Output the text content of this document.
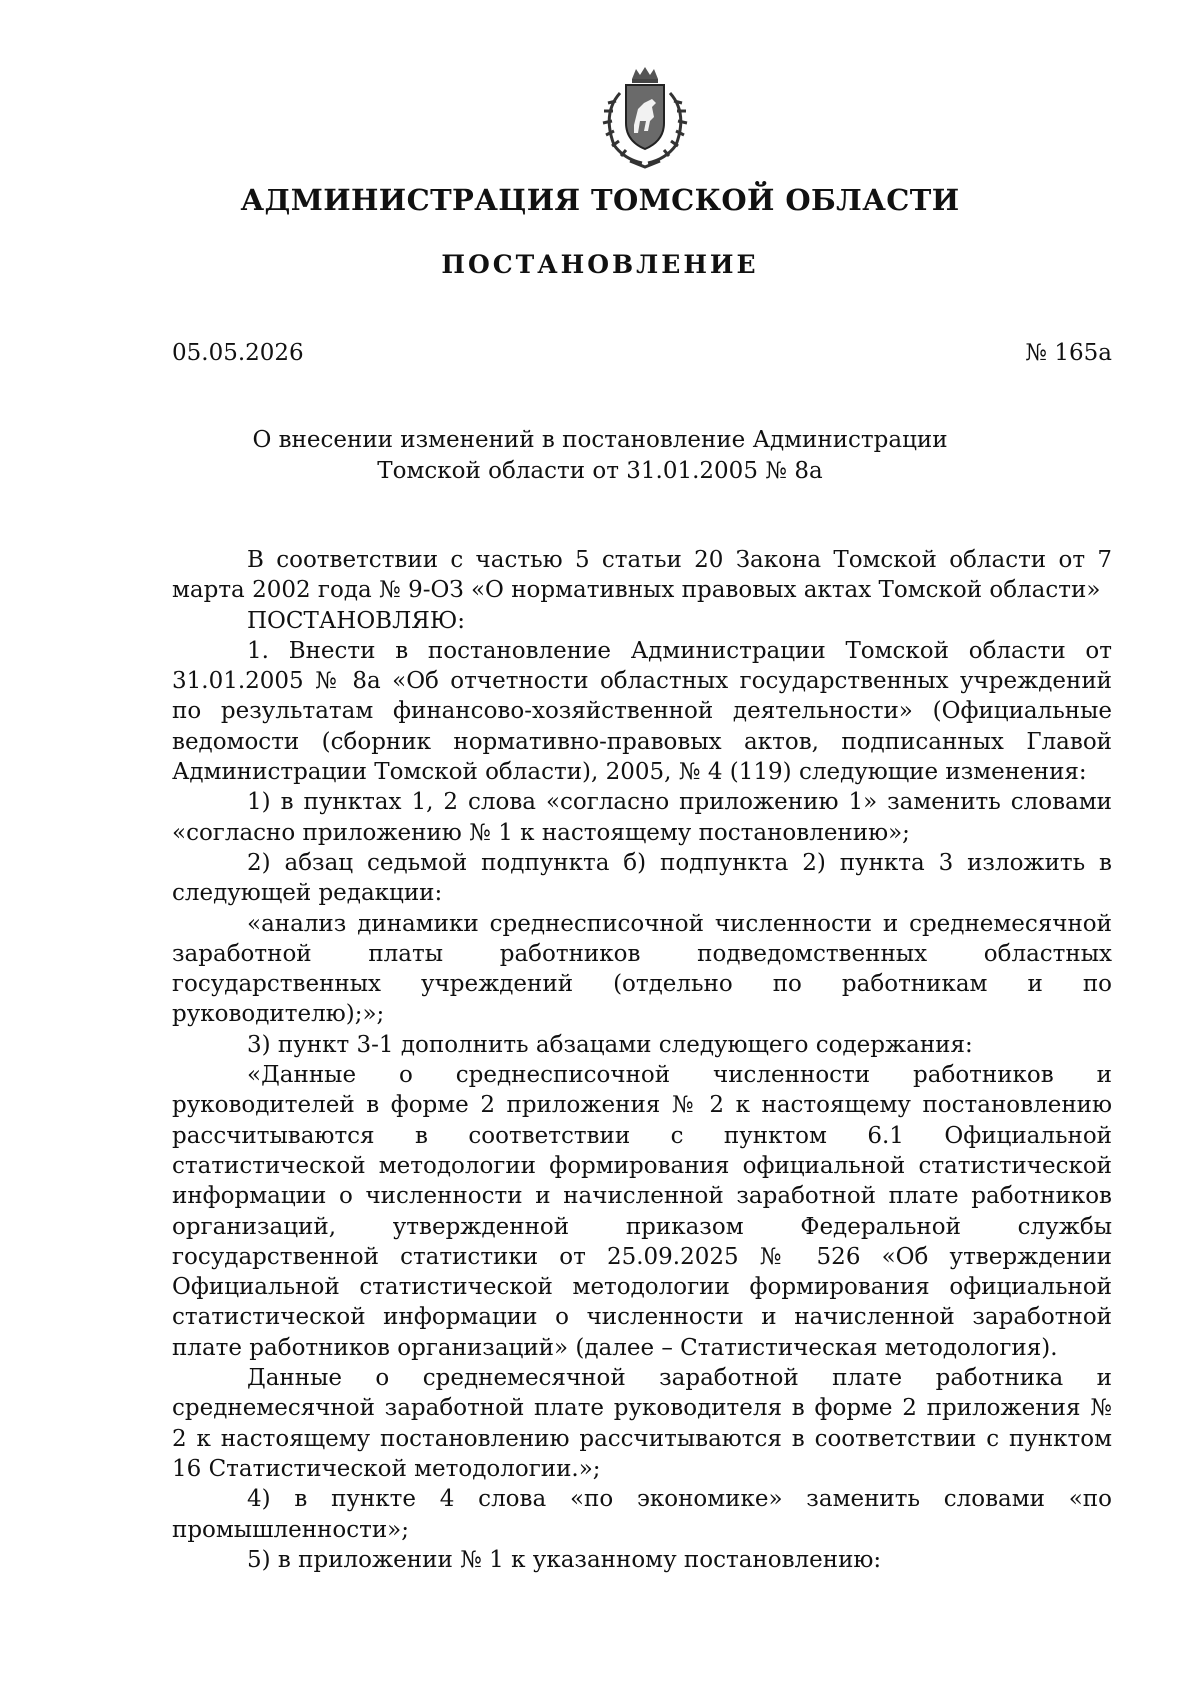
АДМИНИСТРАЦИЯ ТОМСКОЙ ОБЛАСТИ
ПОСТАНОВЛЕНИЕ
05.05.2026	№ 165а
О внесении изменений в постановление Администрации
Томской области от 31.01.2005 № 8а

В соответствии с частью 5 статьи 20 Закона Томской области от 7 марта 2002 года № 9-ОЗ «О нормативных правовых актах Томской области»

ПОСТАНОВЛЯЮ:

1. Внести в постановление Администрации Томской области от 31.01.2005 № 8а «Об отчетности областных государственных учреждений по результатам финансово-хозяйственной деятельности» (Официальные ведомости (сборник нормативно-правовых актов, подписанных Главой Администрации Томской области), 2005, № 4 (119) следующие изменения:

1) в пунктах 1, 2 слова «согласно приложению 1» заменить словами «согласно приложению № 1 к настоящему постановлению»;

2) абзац седьмой подпункта б) подпункта 2) пункта 3 изложить в следующей редакции:

«анализ динамики среднесписочной численности и среднемесячной заработной платы работников подведомственных областных государственных учреждений (отдельно по работникам и по руководителю);»;

3) пункт 3-1 дополнить абзацами следующего содержания:

«Данные о среднесписочной численности работников и руководителей в форме 2 приложения № 2 к настоящему постановлению рассчитываются в соответствии с пунктом 6.1 Официальной статистической методологии формирования официальной статистической информации о численности и начисленной заработной плате работников организаций, утвержденной приказом Федеральной службы государственной статистики от 25.09.2025 № 526 «Об утверждении Официальной статистической методологии формирования официальной статистической информации о численности и начисленной заработной плате работников организаций» (далее – Статистическая методология).

Данные о среднемесячной заработной плате работника и среднемесячной заработной плате руководителя в форме 2 приложения № 2 к настоящему постановлению рассчитываются в соответствии с пунктом 16 Статистической методологии.»;

4) в пункте 4 слова «по экономике» заменить словами «по промышленности»;

5) в приложении № 1 к указанному постановлению:
